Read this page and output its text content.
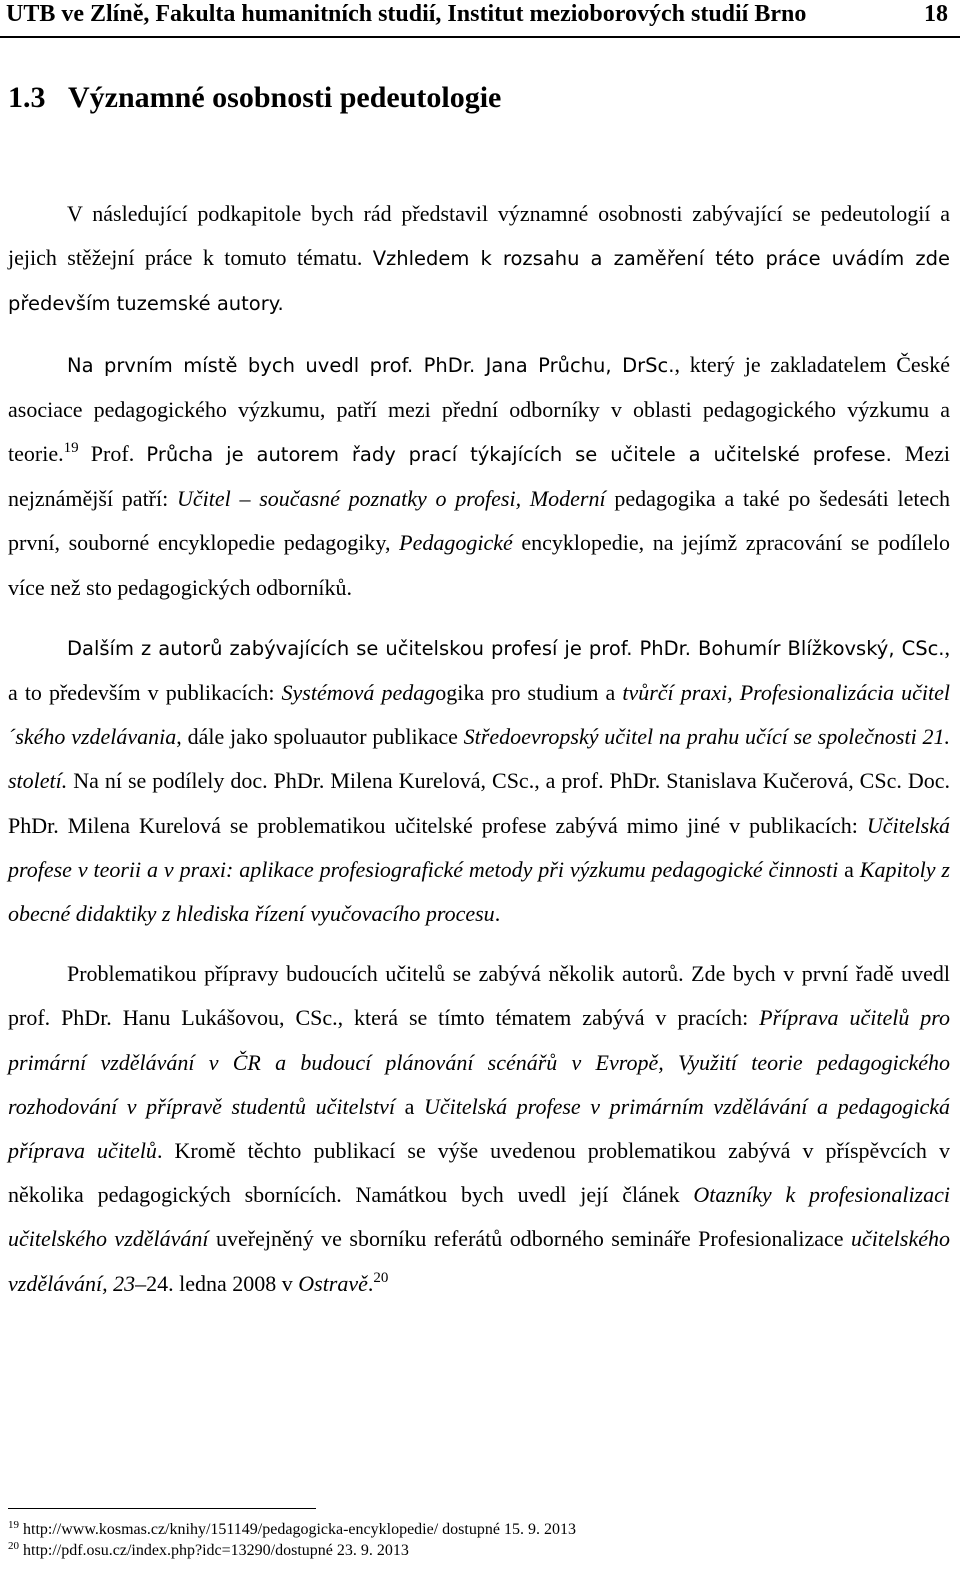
UTB ve Zlíně, Fakulta humanitních studií, Institut mezioborových studií Brno	18
1.3 Významné osobnosti pedeutologie

V následující podkapitole bych rád představil významné osobnosti zabývající se pedeutologií a jejich stěžejní práce k tomuto tématu. Vzhledem k rozsahu a zaměření této práce uvádím zde především tuzemské autory.

Na prvním místě bych uvedl prof. PhDr. Jana Průchu, DrSc., který je zakladatelem České asociace pedagogického výzkumu, patří mezi přední odborníky v oblasti pedagogického výzkumu a teorie.$^{19}$ Prof. Průcha je autorem řady prací týkajících se učitele a učitelské profese. Mezi nejznámější patří: Učitel – současné poznatky o profesi, Moderní pedagogika a také po šedesáti letech první, souborné encyklopedie pedagogiky, Pedagogické encyklopedie, na jejímž zpracování se podílelo více než sto pedagogických odborníků.

Dalším z autorů zabývajících se učitelskou profesí je prof. PhDr. Bohumír Blížkovský, CSc., a to především v publikacích: Systémová pedagogika pro studium a tvůrčí praxi, Profesionalizácia učitel´ského vzdelávania, dále jako spoluautor publikace Středoevropský učitel na prahu učící se společnosti 21. století. Na ní se podílely doc. PhDr. Milena Kurelová, CSc., a prof. PhDr. Stanislava Kučerová, CSc. Doc. PhDr. Milena Kurelová se problematikou učitelské profese zabývá mimo jiné v publikacích: Učitelská profese v teorii a v praxi: aplikace profesiografické metody při výzkumu pedagogické činnosti a Kapitoly z obecné didaktiky z hlediska řízení vyučovacího procesu.

Problematikou přípravy budoucích učitelů se zabývá několik autorů. Zde bych v první řadě uvedl prof. PhDr. Hanu Lukášovou, CSc., která se tímto tématem zabývá v pracích: Příprava učitelů pro primární vzdělávání v ČR a budoucí plánování scénářů v Evropě, Využití teorie pedagogického rozhodování v přípravě studentů učitelství a Učitelská profese v primárním vzdělávání a pedagogická příprava učitelů. Kromě těchto publikací se výše uvedenou problematikou zabývá v příspěvcích v několika pedagogických sbornících. Namátkou bych uvedl její článek Otazníky k profesionalizaci učitelského vzdělávání uveřejněný ve sborníku referátů odborného semináře Profesionalizace učitelského vzdělávání, 23–24. ledna 2008 v Ostravě.$^{20}$

$^{19}$ http://www.kosmas.cz/knihy/151149/pedagogicka-encyklopedie/ dostupné 15. 9. 2013
$^{20}$ http://pdf.osu.cz/index.php?idc=13290/dostupné 23. 9. 2013
